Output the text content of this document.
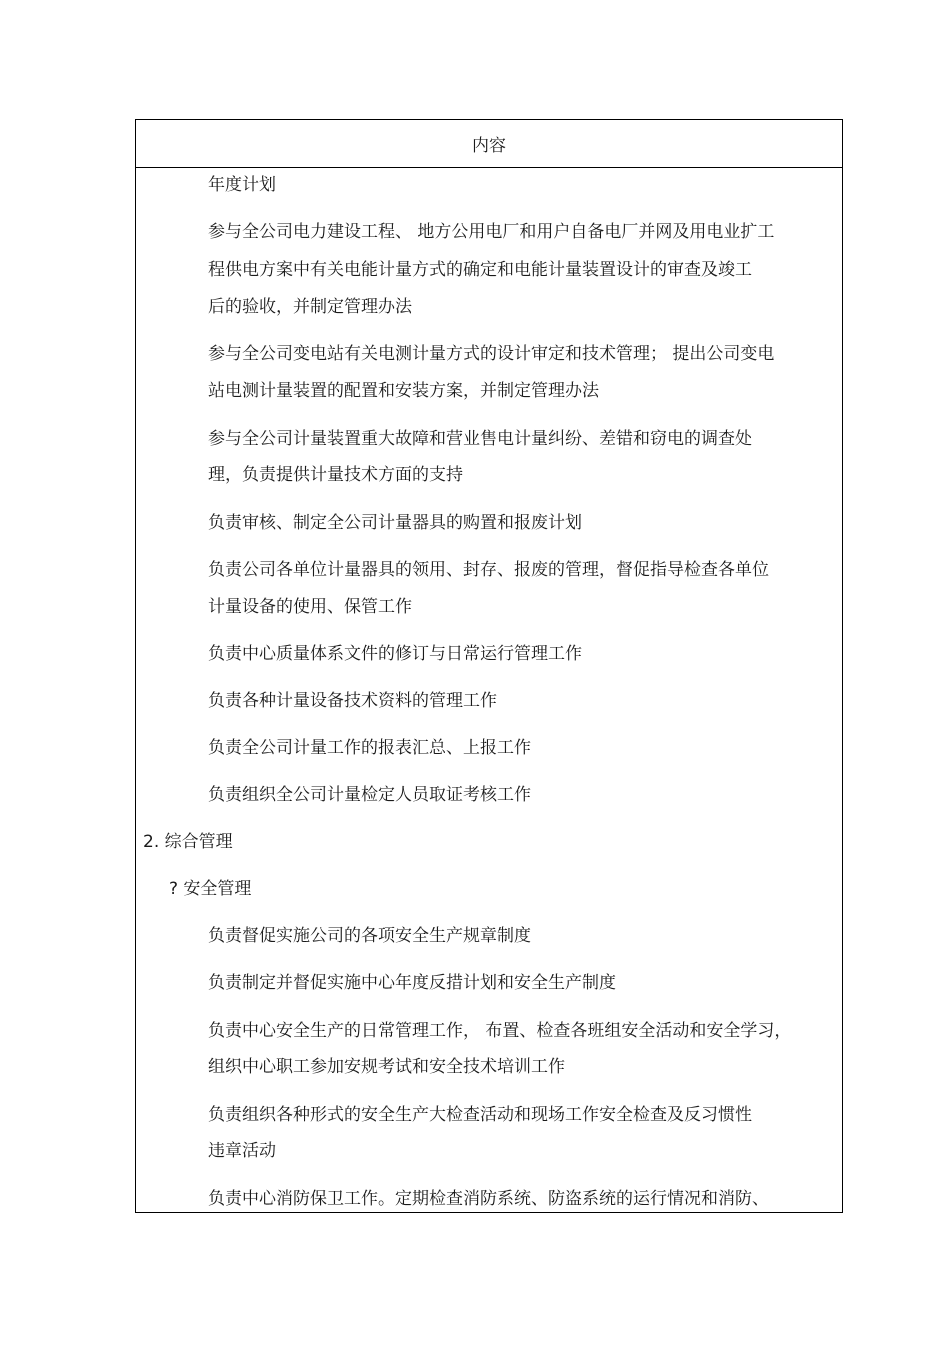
内容
年度计划
参与全公司电力建设工程、 地方公用电厂和用户自备电厂并网及用电业扩工
程供电方案中有关电能计量方式的确定和电能计量装置设计的审查及竣工
后的验收，并制定管理办法
参与全公司变电站有关电测计量方式的设计审定和技术管理； 提出公司变电
站电测计量装置的配置和安装方案，并制定管理办法
参与全公司计量装置重大故障和营业售电计量纠纷、差错和窃电的调查处
理，负责提供计量技术方面的支持
负责审核、制定全公司计量器具的购置和报废计划
负责公司各单位计量器具的领用、封存、报废的管理，督促指导检查各单位
计量设备的使用、保管工作
负责中心质量体系文件的修订与日常运行管理工作
负责各种计量设备技术资料的管理工作
负责全公司计量工作的报表汇总、上报工作
负责组织全公司计量检定人员取证考核工作
2. 综合管理
? 安全管理
负责督促实施公司的各项安全生产规章制度
负责制定并督促实施中心年度反措计划和安全生产制度
负责中心安全生产的日常管理工作， 布置、检查各班组安全活动和安全学习，
组织中心职工参加安规考试和安全技术培训工作
负责组织各种形式的安全生产大检查活动和现场工作安全检查及反习惯性
违章活动
负责中心消防保卫工作。定期检查消防系统、防盗系统的运行情况和消防、
